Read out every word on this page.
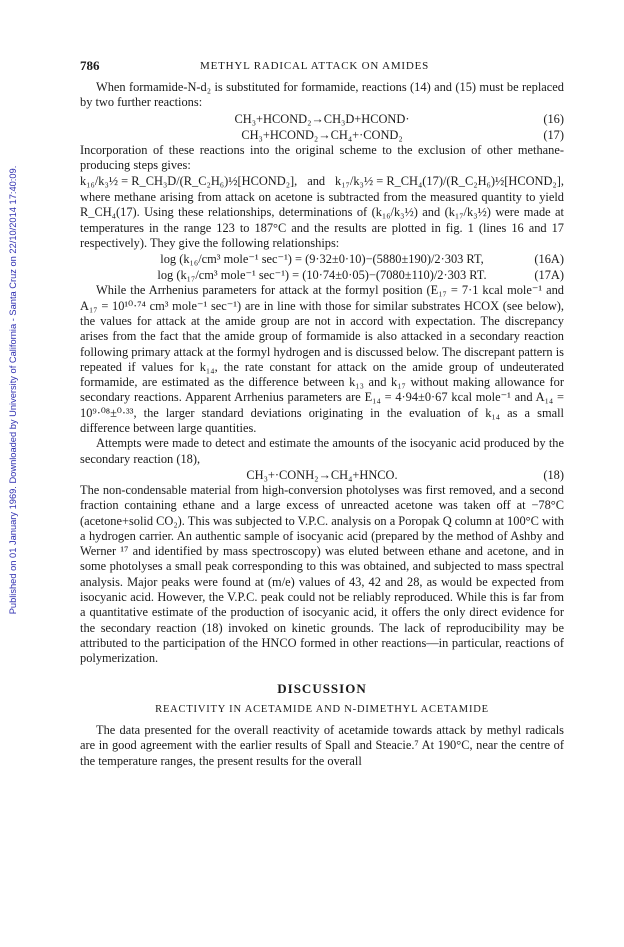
Published on 01 January 1969. Downloaded by University of California - Santa Cruz on 22/10/2014 17:40:09.
786	METHYL RADICAL ATTACK ON AMIDES

When formamide-N-d₂ is substituted for formamide, reactions (14) and (15) must be replaced by two further reactions:

CH₃+HCOND₂→CH₃D+HCOND·	(16)
CH₃+HCOND₂→CH₄+·COND₂	(17)

Incorporation of these reactions into the original scheme to the exclusion of other methane-producing steps gives:

k₁₆/k₃½ = R_CH₃D/(R_C₂H₆)½[HCOND₂], and k₁₇/k₃½ = R_CH₄(17)/(R_C₂H₆)½[HCOND₂],

where methane arising from attack on acetone is subtracted from the measured quantity to yield R_CH₄(17). Using these relationships, determinations of (k₁₆/k₃½) and (k₁₇/k₃½) were made at temperatures in the range 123 to 187°C and the results are plotted in fig. 1 (lines 16 and 17 respectively). They give the following relationships:

log (k₁₆/cm³ mole⁻¹ sec⁻¹) = (9·32±0·10)−(5880±190)/2·303 RT,	(16A)
log (k₁₇/cm³ mole⁻¹ sec⁻¹) = (10·74±0·05)−(7080±110)/2·303 RT.	(17A)

While the Arrhenius parameters for attack at the formyl position (E₁₇ = 7·1 kcal mole⁻¹ and A₁₇ = 10¹⁰·⁷⁴ cm³ mole⁻¹ sec⁻¹) are in line with those for similar substrates HCOX (see below), the values for attack at the amide group are not in accord with expectation. The discrepancy arises from the fact that the amide group of formamide is also attacked in a secondary reaction following primary attack at the formyl hydrogen and is discussed below. The discrepant pattern is repeated if values for k₁₄, the rate constant for attack on the amide group of undeuterated formamide, are estimated as the difference between k₁₃ and k₁₇ without making allowance for secondary reactions. Apparent Arrhenius parameters are E₁₄ = 4·94±0·67 kcal mole⁻¹ and A₁₄ = 10⁹·⁰⁸±⁰·³³, the larger standard deviations originating in the evaluation of k₁₄ as a small difference between large quantities.

Attempts were made to detect and estimate the amounts of the isocyanic acid produced by the secondary reaction (18),

CH₃+·CONH₂→CH₄+HNCO.	(18)

The non-condensable material from high-conversion photolyses was first removed, and a second fraction containing ethane and a large excess of unreacted acetone was taken off at −78°C (acetone+solid CO₂). This was subjected to V.P.C. analysis on a Poropak Q column at 100°C with a hydrogen carrier. An authentic sample of isocyanic acid (prepared by the method of Ashby and Werner ¹⁷ and identified by mass spectroscopy) was eluted between ethane and acetone, and in some photolyses a small peak corresponding to this was obtained, and subjected to mass spectral analysis. Major peaks were found at (m/e) values of 43, 42 and 28, as would be expected from isocyanic acid. However, the V.P.C. peak could not be reliably reproduced. While this is far from a quantitative estimate of the production of isocyanic acid, it offers the only direct evidence for the secondary reaction (18) invoked on kinetic grounds. The lack of reproducibility may be attributed to the participation of the HNCO formed in other reactions—in particular, reactions of polymerization.

DISCUSSION
REACTIVITY IN ACETAMIDE AND N-DIMETHYL ACETAMIDE

The data presented for the overall reactivity of acetamide towards attack by methyl radicals are in good agreement with the earlier results of Spall and Steacie.⁷ At 190°C, near the centre of the temperature ranges, the present results for the overall
